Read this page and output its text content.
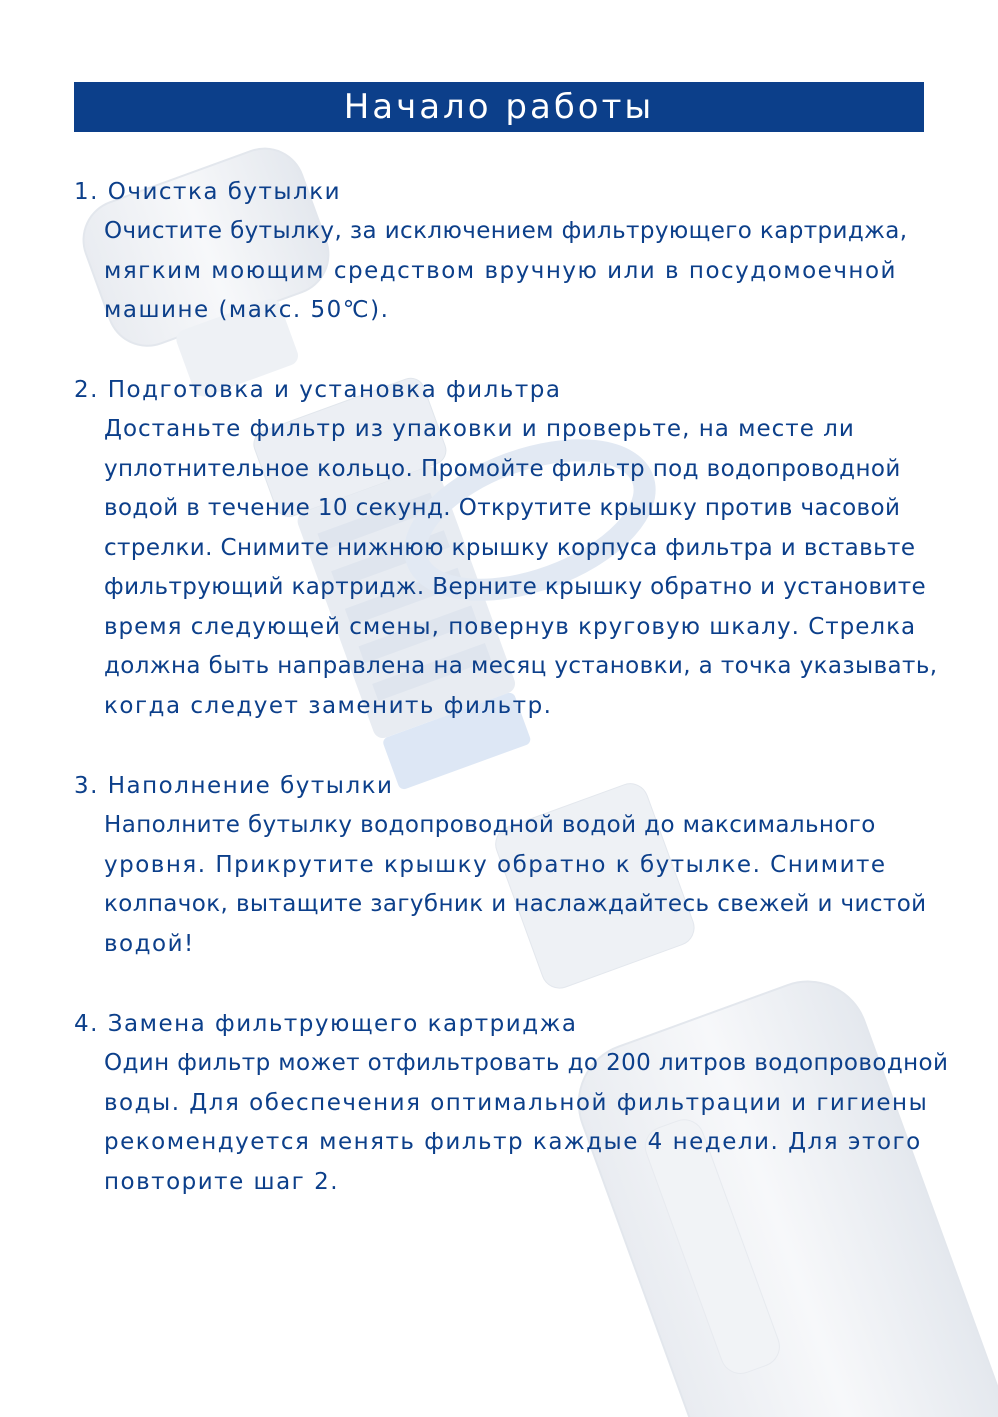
Начало работы
1. Очистка бутылки
Очистите бутылку, за исключением фильтрующего картриджа,
мягким моющим средством вручную или в посудомоечной
машине (макс. 50℃).
2. Подготовка и установка фильтра
Достаньте фильтр из упаковки и проверьте, на месте ли
уплотнительное кольцо. Промойте фильтр под водопроводной
водой в течение 10 секунд. Открутите крышку против часовой
стрелки. Снимите нижнюю крышку корпуса фильтра и вставьте
фильтрующий картридж. Верните крышку обратно и установите
время следующей смены, повернув круговую шкалу. Стрелка
должна быть направлена на месяц установки, а точка указывать,
когда следует заменить фильтр.
3. Наполнение бутылки
Наполните бутылку водопроводной водой до максимального
уровня. Прикрутите крышку обратно к бутылке. Снимите
колпачок, вытащите загубник и наслаждайтесь свежей и чистой
водой!
4. Замена фильтрующего картриджа
Один фильтр может отфильтровать до 200 литров водопроводной
воды. Для обеспечения оптимальной фильтрации и гигиены
рекомендуется менять фильтр каждые 4 недели. Для этого
повторите шаг 2.
